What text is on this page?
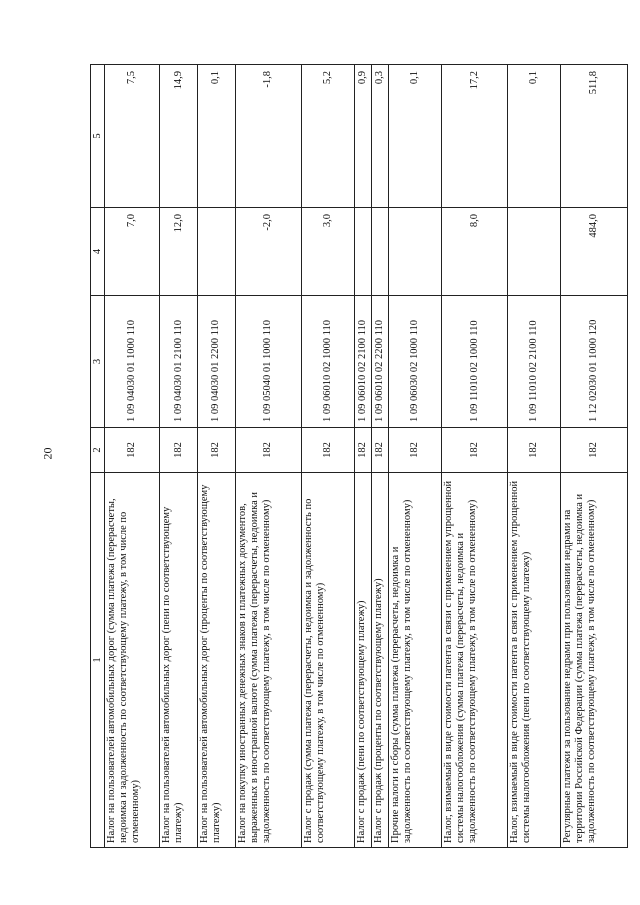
20
1	2	3	4	5
Налог на пользователей автомобильных дорог (сумма платежа (перерасчеты, недоимка и задолженность по соответствующему платежу, в том числе по отмененному)	182	1 09 04030 01 1000 110	7,0	7,5
Налог на пользователей автомобильных дорог (пени по соответствующему платежу)	182	1 09 04030 01 2100 110	12,0	14,9
Налог на пользователей автомобильных дорог (проценты по соответствующему платежу)	182	1 09 04030 01 2200 110		0,1
Налог на покупку иностранных денежных знаков и платежных документов, выраженных в иностранной валюте (сумма платежа (перерасчеты, недоимка и задолженность по соответствующему платежу, в том числе по отмененному)	182	1 09 05040 01 1000 110	-2,0	-1,8
Налог с продаж (сумма платежа (перерасчеты, недоимка и задолженность по соответствующему платежу, в том числе по отмененному)	182	1 09 06010 02 1000 110	3,0	5,2
Налог с продаж (пени по соответствующему платежу)	182	1 09 06010 02 2100 110		0,9
Налог с продаж (проценты по соответствующему платежу)	182	1 09 06010 02 2200 110		0,3
Прочие налоги и сборы (сумма платежа (перерасчеты, недоимка и задолженность по соответствующему платежу, в том числе по отмененному)	182	1 09 06030 02 1000 110		0,1
Налог, взимаемый в виде стоимости патента в связи с применением упрощенной системы налогообложения (сумма платежа (перерасчеты, недоимка и задолженность по соответствующему платежу, в том числе по отмененному)	182	1 09 11010 02 1000 110	8,0	17,2
Налог, взимаемый в виде стоимости патента в связи с применением упрощенной системы налогообложения (пени по соответствующему платежу)	182	1 09 11010 02 2100 110		0,1
Регулярные платежи за пользование недрами при пользовании недрами на территории Российской Федерации (сумма платежа (перерасчеты, недоимка и задолженность по соответствующему платежу, в том числе по отмененному)	182	1 12 02030 01 1000 120	484,0	511,8
